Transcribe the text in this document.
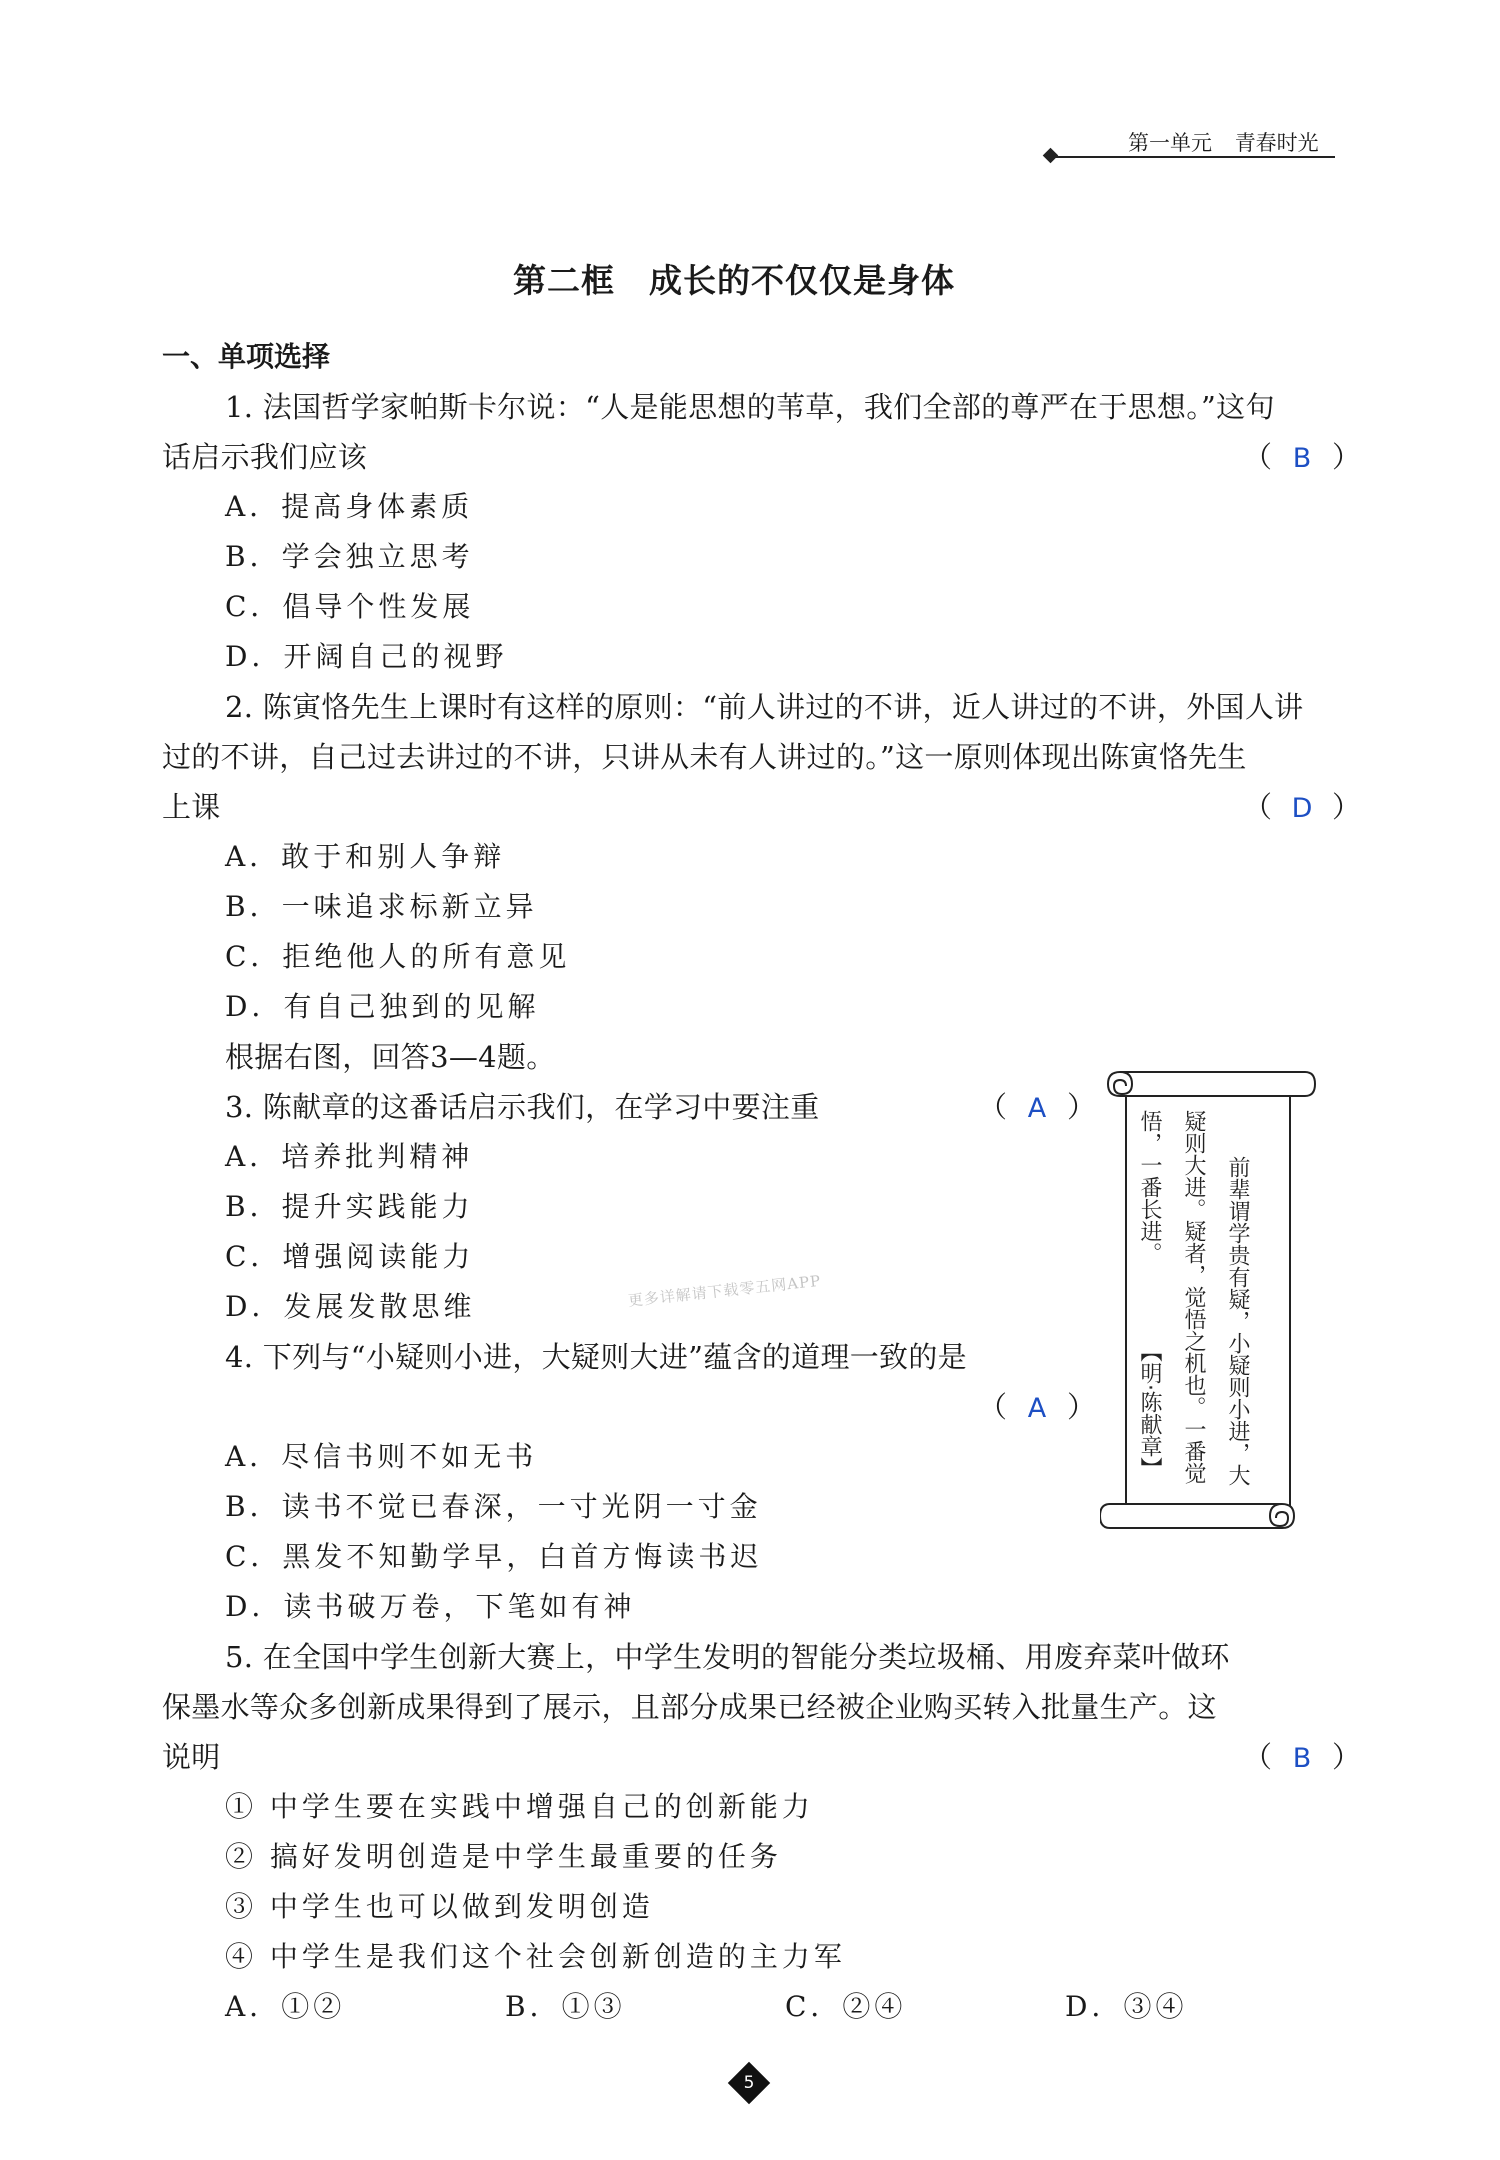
第一单元 青春时光
第二框　成长的不仅仅是身体
一、单项选择
1. 法国哲学家帕斯卡尔说：“人是能思想的苇草，我们全部的尊严在于思想。”这句
话启示我们应该	（ B ）
A．提高身体素质
B．学会独立思考
C．倡导个性发展
D．开阔自己的视野
2. 陈寅恪先生上课时有这样的原则：“前人讲过的不讲，近人讲过的不讲，外国人讲
过的不讲，自己过去讲过的不讲，只讲从未有人讲过的。”这一原则体现出陈寅恪先生
上课	（ D ）
A．敢于和别人争辩
B．一味追求标新立异
C．拒绝他人的所有意见
D．有自己独到的见解
根据右图，回答3—4题。
3. 陈献章的这番话启示我们，在学习中要注重	（ A ）
A．培养批判精神
B．提升实践能力
C．增强阅读能力
D．发展发散思维	更多详解请下载零五网APP
4. 下列与“小疑则小进，大疑则大进”蕴含的道理一致的是
（ A ）
A．尽信书则不如无书
B．读书不觉已春深，一寸光阴一寸金
C．黑发不知勤学早，白首方悔读书迟
D．读书破万卷，下笔如有神
5. 在全国中学生创新大赛上，中学生发明的智能分类垃圾桶、用废弃菜叶做环
保墨水等众多创新成果得到了展示，且部分成果已经被企业购买转入批量生产。这
说明	（ B ）
① 中学生要在实践中增强自己的创新能力
② 搞好发明创造是中学生最重要的任务
③ 中学生也可以做到发明创造
④ 中学生是我们这个社会创新创造的主力军
A．①②	B．①③	C．②④	D．③④
前辈谓学贵有疑，小疑则小进，大
疑则大进。疑者，觉悟之机也。一番觉
悟，一番长进。
【明·陈献章】
5
